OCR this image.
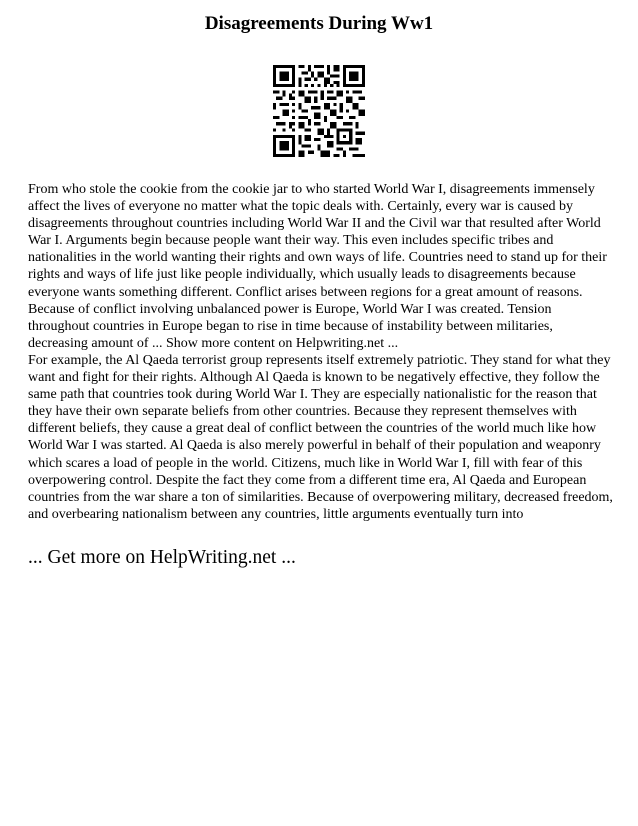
Disagreements During Ww1

From who stole the cookie from the cookie jar to who started World War I, disagreements immensely affect the lives of everyone no matter what the topic deals with. Certainly, every war is caused by disagreements throughout countries including World War II and the Civil war that resulted after World War I. Arguments begin because people want their way. This even includes specific tribes and nationalities in the world wanting their rights and own ways of life. Countries need to stand up for their rights and ways of life just like people individually, which usually leads to disagreements because everyone wants something different. Conflict arises between regions for a great amount of reasons. Because of conflict involving unbalanced power is Europe, World War I was created. Tension throughout countries in Europe began to rise in time because of instability between militaries, decreasing amount of ... Show more content on Helpwriting.net ...

For example, the Al Qaeda terrorist group represents itself extremely patriotic. They stand for what they want and fight for their rights. Although Al Qaeda is known to be negatively effective, they follow the same path that countries took during World War I. They are especially nationalistic for the reason that they have their own separate beliefs from other countries. Because they represent themselves with different beliefs, they cause a great deal of conflict between the countries of the world much like how World War I was started. Al Qaeda is also merely powerful in behalf of their population and weaponry which scares a load of people in the world. Citizens, much like in World War I, fill with fear of this overpowering control. Despite the fact they come from a different time era, Al Qaeda and European countries from the war share a ton of similarities. Because of overpowering military, decreased freedom, and overbearing nationalism between any countries, little arguments eventually turn into

... Get more on HelpWriting.net ...
